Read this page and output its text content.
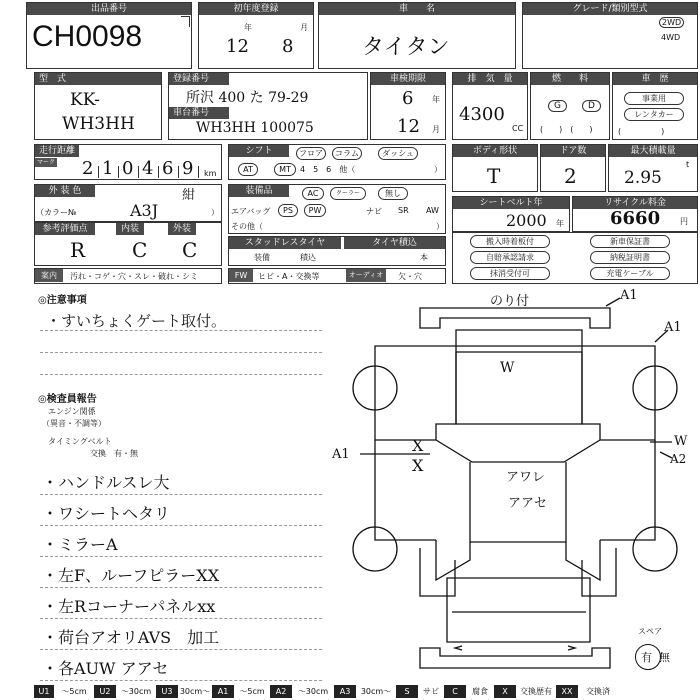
出品番号
CH0098
初年度登録
年	月
12 8
車　　名
タイタン
グレード/類別型式
2WD
4WD
型　式
KK-
WH3HH
登録番号
所沢 400 た 79-29
車台番号
WH3HH 100075
車検期限
6 年
12 月
排　気　量
4300
CC
燃　　料
G	D
(　　)　(　　)
車　歴
事業用
レンタカー
(　　　　　)
走行距離
マーク 2 1 0 4 6 9 km
シフト	フロア	コラム	ダッシュ
AT	MT	4　5　6　他（	）
ボディ形状
T
ドア数
2
最大積載量
2.95
t
外 装 色	紺
（カラー№	A3J	）
装備品	AC	クーラー	無し
エアバッグ	PS	PW	ナビ SR AW
その他（	）
シートベルト年
2000 年
リサイクル料金
6660 円
参考評価点	内装	外装
R C C	スタッドレスタイヤ
装備	積込
タイヤ積込
本
搬入時着板付	新車保証書
自賠承認請求	納税証明書
抹消受付可	充電ケーブル
案内	汚れ・コゲ・穴・スレ・破れ・シミ	FW	ヒビ・A・交換等	オーディオ	欠・穴
◎注意事項
・すいちょくゲート取付。
◎検査員報告
エンジン関係
（異音・不調等）
タイミングベルト
交換　有・無
・ハンドルスレ大
・ワシートヘタリ
・ミラーA
・左F、ルーフピラーXX
・左Rコーナーパネルxx
・荷台アオリAVS　加工
・各AUW アアセ
のり付	A1
A1
W
X
X
A1
W
A2
アワレ
アアセ
スペア
有 無
U1	～5cm	U2	～30cm	U3 30cm～ A1	～5cm	A2	～30cm	A3	30cm～	S	サビ	C	腐食	X	交換歴有	XX	交換済
